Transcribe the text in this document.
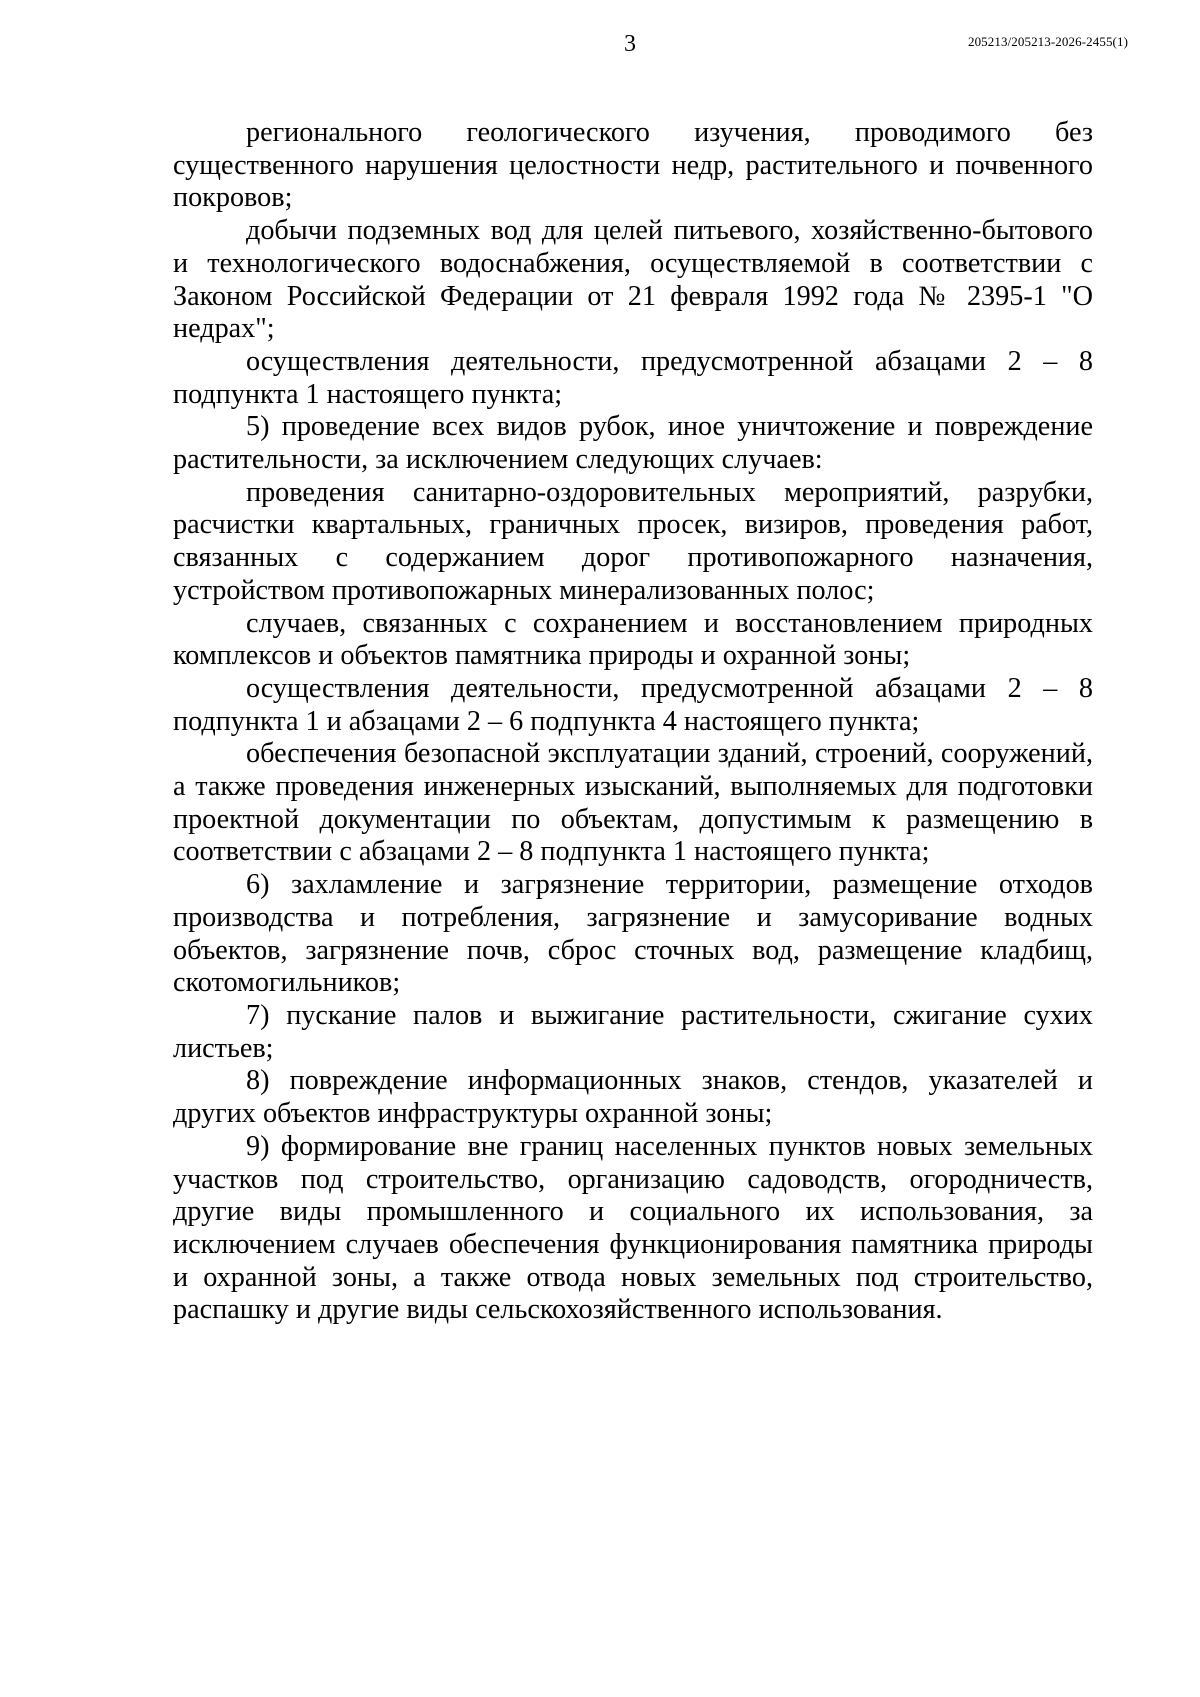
3	205213/205213-2026-2455(1)

регионального геологического изучения, проводимого без существенного нарушения целостности недр, растительного и почвенного покровов;

добычи подземных вод для целей питьевого, хозяйственно-бытового и технологического водоснабжения, осуществляемой в соответствии с Законом Российской Федерации от 21 февраля 1992 года № 2395-1 "О недрах";

осуществления деятельности, предусмотренной абзацами 2 – 8 подпункта 1 настоящего пункта;

5) проведение всех видов рубок, иное уничтожение и повреждение растительности, за исключением следующих случаев:

проведения санитарно-оздоровительных мероприятий, разрубки, расчистки квартальных, граничных просек, визиров, проведения работ, связанных с содержанием дорог противопожарного назначения, устройством противопожарных минерализованных полос;

случаев, связанных с сохранением и восстановлением природных комплексов и объектов памятника природы и охранной зоны;

осуществления деятельности, предусмотренной абзацами 2 – 8 подпункта 1 и абзацами 2 – 6 подпункта 4 настоящего пункта;

обеспечения безопасной эксплуатации зданий, строений, сооружений, а также проведения инженерных изысканий, выполняемых для подготовки проектной документации по объектам, допустимым к размещению в соответствии с абзацами 2 – 8 подпункта 1 настоящего пункта;

6) захламление и загрязнение территории, размещение отходов производства и потребления, загрязнение и замусоривание водных объектов, загрязнение почв, сброс сточных вод, размещение кладбищ, скотомогильников;

7) пускание палов и выжигание растительности, сжигание сухих листьев;

8) повреждение информационных знаков, стендов, указателей и других объектов инфраструктуры охранной зоны;

9) формирование вне границ населенных пунктов новых земельных участков под строительство, организацию садоводств, огородничеств, другие виды промышленного и социального их использования, за исключением случаев обеспечения функционирования памятника природы и охранной зоны, а также отвода новых земельных под строительство, распашку и другие виды сельскохозяйственного использования.
